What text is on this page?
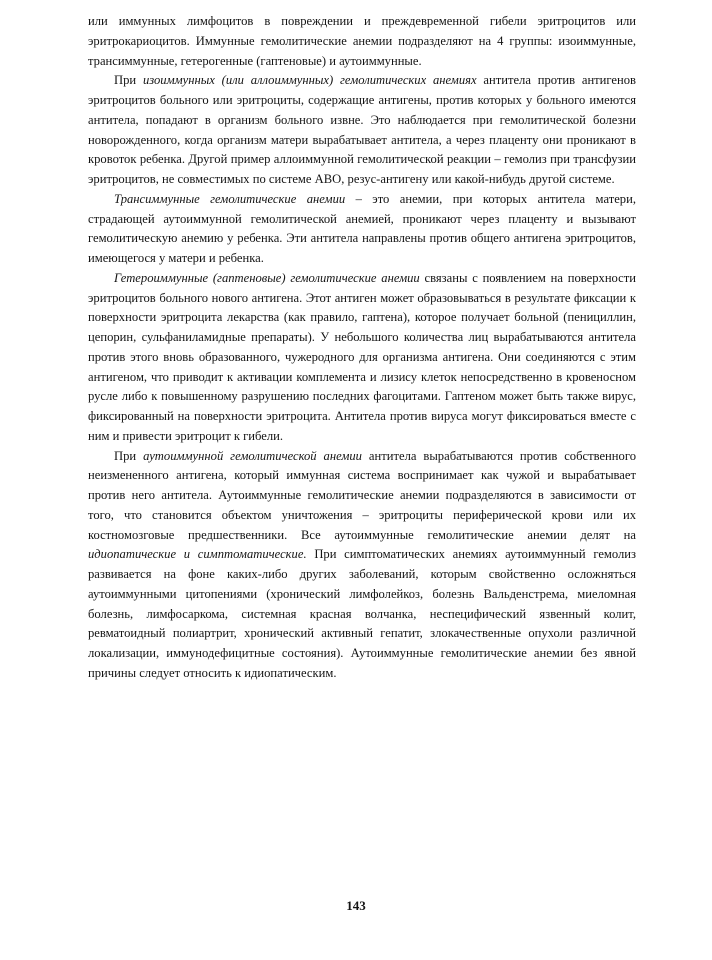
или иммунных лимфоцитов в повреждении и преждевременной гибели эритроцитов или эритрокариоцитов. Иммунные гемолитические анемии подразделяют на 4 группы: изоиммунные, трансиммунные, гетерогенные (гаптеновые) и аутоиммунные.

При изоиммунных (или аллоиммунных) гемолитических анемиях антитела против антигенов эритроцитов больного или эритроциты, содержащие антигены, против которых у больного имеются антитела, попадают в организм больного извне. Это наблюдается при гемолитической болезни новорожденного, когда организм матери вырабатывает антитела, а через плаценту они проникают в кровоток ребенка. Другой пример аллоиммунной гемолитической реакции – гемолиз при трансфузии эритроцитов, не совместимых по системе АВО, резус-антигену или какой-нибудь другой системе.

Трансиммунные гемолитические анемии – это анемии, при которых антитела матери, страдающей аутоиммунной гемолитической анемией, проникают через плаценту и вызывают гемолитическую анемию у ребенка. Эти антитела направлены против общего антигена эритроцитов, имеющегося у матери и ребенка.

Гетероиммунные (гаптеновые) гемолитические анемии связаны с появлением на поверхности эритроцитов больного нового антигена. Этот антиген может образовываться в результате фиксации к поверхности эритроцита лекарства (как правило, гаптена), которое получает больной (пенициллин, цепорин, сульфаниламидные препараты). У небольшого количества лиц вырабатываются антитела против этого вновь образованного, чужеродного для организма антигена. Они соединяются с этим антигеном, что приводит к активации комплемента и лизису клеток непосредственно в кровеносном русле либо к повышенному разрушению последних фагоцитами. Гаптеном может быть также вирус, фиксированный на поверхности эритроцита. Антитела против вируса могут фиксироваться вместе с ним и привести эритроцит к гибели.

При аутоиммунной гемолитической анемии антитела вырабатываются против собственного неизмененного антигена, который иммунная система воспринимает как чужой и вырабатывает против него антитела. Аутоиммунные гемолитические анемии подразделяются в зависимости от того, что становится объектом уничтожения – эритроциты периферической крови или их костномозговые предшественники. Все аутоиммунные гемолитические анемии делят на идиопатические и симптоматические. При симптоматических анемиях аутоиммунный гемолиз развивается на фоне каких-либо других заболеваний, которым свойственно осложняться аутоиммунными цитопениями (хронический лимфолейкоз, болезнь Вальденстрема, миеломная болезнь, лимфосаркома, системная красная волчанка, неспецифический язвенный колит, ревматоидный полиартрит, хронический активный гепатит, злокачественные опухоли различной локализации, иммунодефицитные состояния). Аутоиммунные гемолитические анемии без явной причины следует относить к идиопатическим.

143
